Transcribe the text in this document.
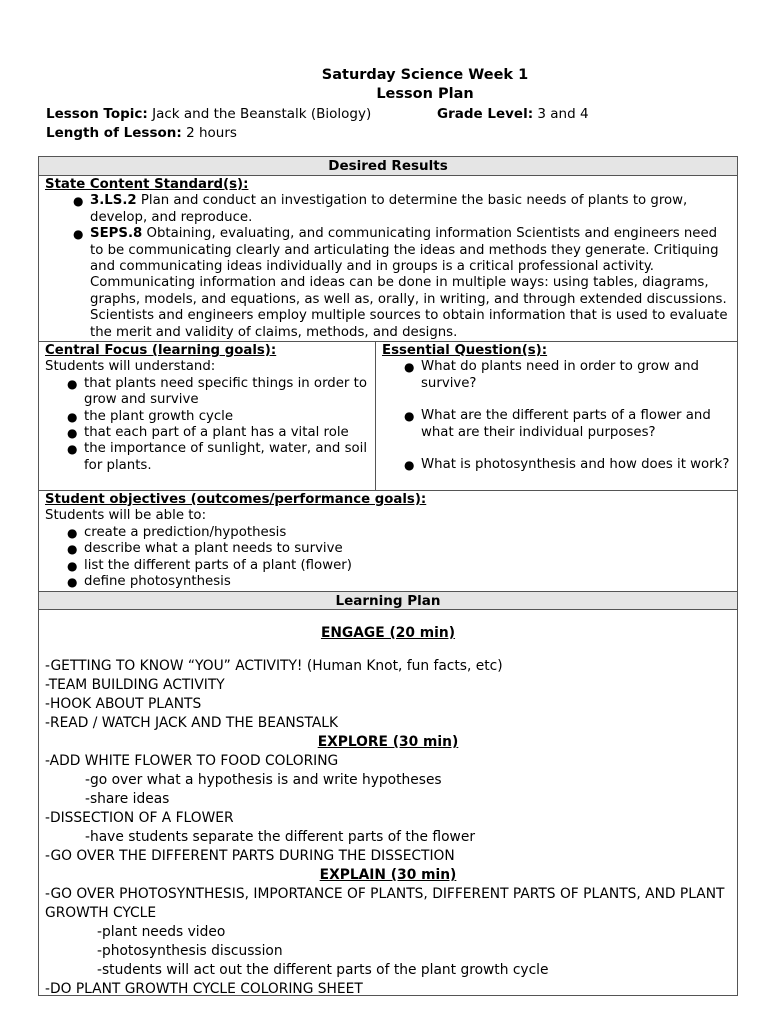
Saturday Science Week 1
Lesson Plan
Lesson Topic: Jack and the Beanstalk (Biology)	Grade Level: 3 and 4
Length of Lesson: 2 hours
Desired Results
State Content Standard(s):
● 3.LS.2 Plan and conduct an investigation to determine the basic needs of plants to grow, develop, and reproduce.
● SEPS.8 Obtaining, evaluating, and communicating information Scientists and engineers need to be communicating clearly and articulating the ideas and methods they generate. Critiquing and communicating ideas individually and in groups is a critical professional activity. Communicating information and ideas can be done in multiple ways: using tables, diagrams, graphs, models, and equations, as well as, orally, in writing, and through extended discussions. Scientists and engineers employ multiple sources to obtain information that is used to evaluate the merit and validity of claims, methods, and designs.
Central Focus (learning goals):
Students will understand:
● that plants need specific things in order to grow and survive
● the plant growth cycle
● that each part of a plant has a vital role
● the importance of sunlight, water, and soil for plants.
Essential Question(s):
● What do plants need in order to grow and survive?
● What are the different parts of a flower and what are their individual purposes?
● What is photosynthesis and how does it work?
Student objectives (outcomes/performance goals):
Students will be able to:
● create a prediction/hypothesis
● describe what a plant needs to survive
● list the different parts of a plant (flower)
● define photosynthesis
Learning Plan
ENGAGE (20 min)
-GETTING TO KNOW “YOU” ACTIVITY! (Human Knot, fun facts, etc)
-TEAM BUILDING ACTIVITY
-HOOK ABOUT PLANTS
-READ / WATCH JACK AND THE BEANSTALK
EXPLORE (30 min)
-ADD WHITE FLOWER TO FOOD COLORING
-go over what a hypothesis is and write hypotheses
-share ideas
-DISSECTION OF A FLOWER
-have students separate the different parts of the flower
-GO OVER THE DIFFERENT PARTS DURING THE DISSECTION
EXPLAIN (30 min)
-GO OVER PHOTOSYNTHESIS, IMPORTANCE OF PLANTS, DIFFERENT PARTS OF PLANTS, AND PLANT GROWTH CYCLE
-plant needs video
-photosynthesis discussion
-students will act out the different parts of the plant growth cycle
-DO PLANT GROWTH CYCLE COLORING SHEET
